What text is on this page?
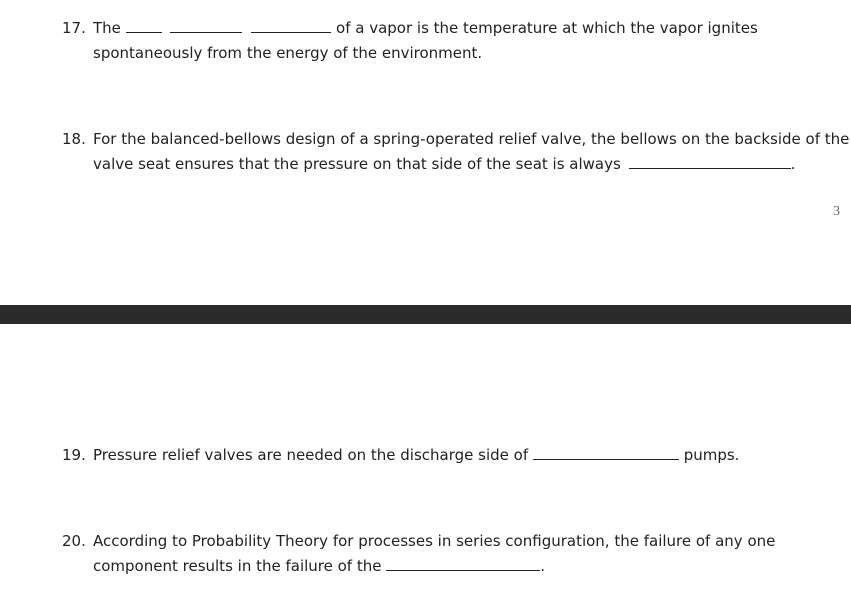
17. The	of a vapor is the temperature at which the vapor ignites
spontaneously from the energy of the environment.
18. For the balanced-bellows design of a spring-operated relief valve, the bellows on the backside of the
valve seat ensures that the pressure on that side of the seat is always	.
3
19. Pressure relief valves are needed on the discharge side of	pumps.
20. According to Probability Theory for processes in series configuration, the failure of any one
component results in the failure of the	.
